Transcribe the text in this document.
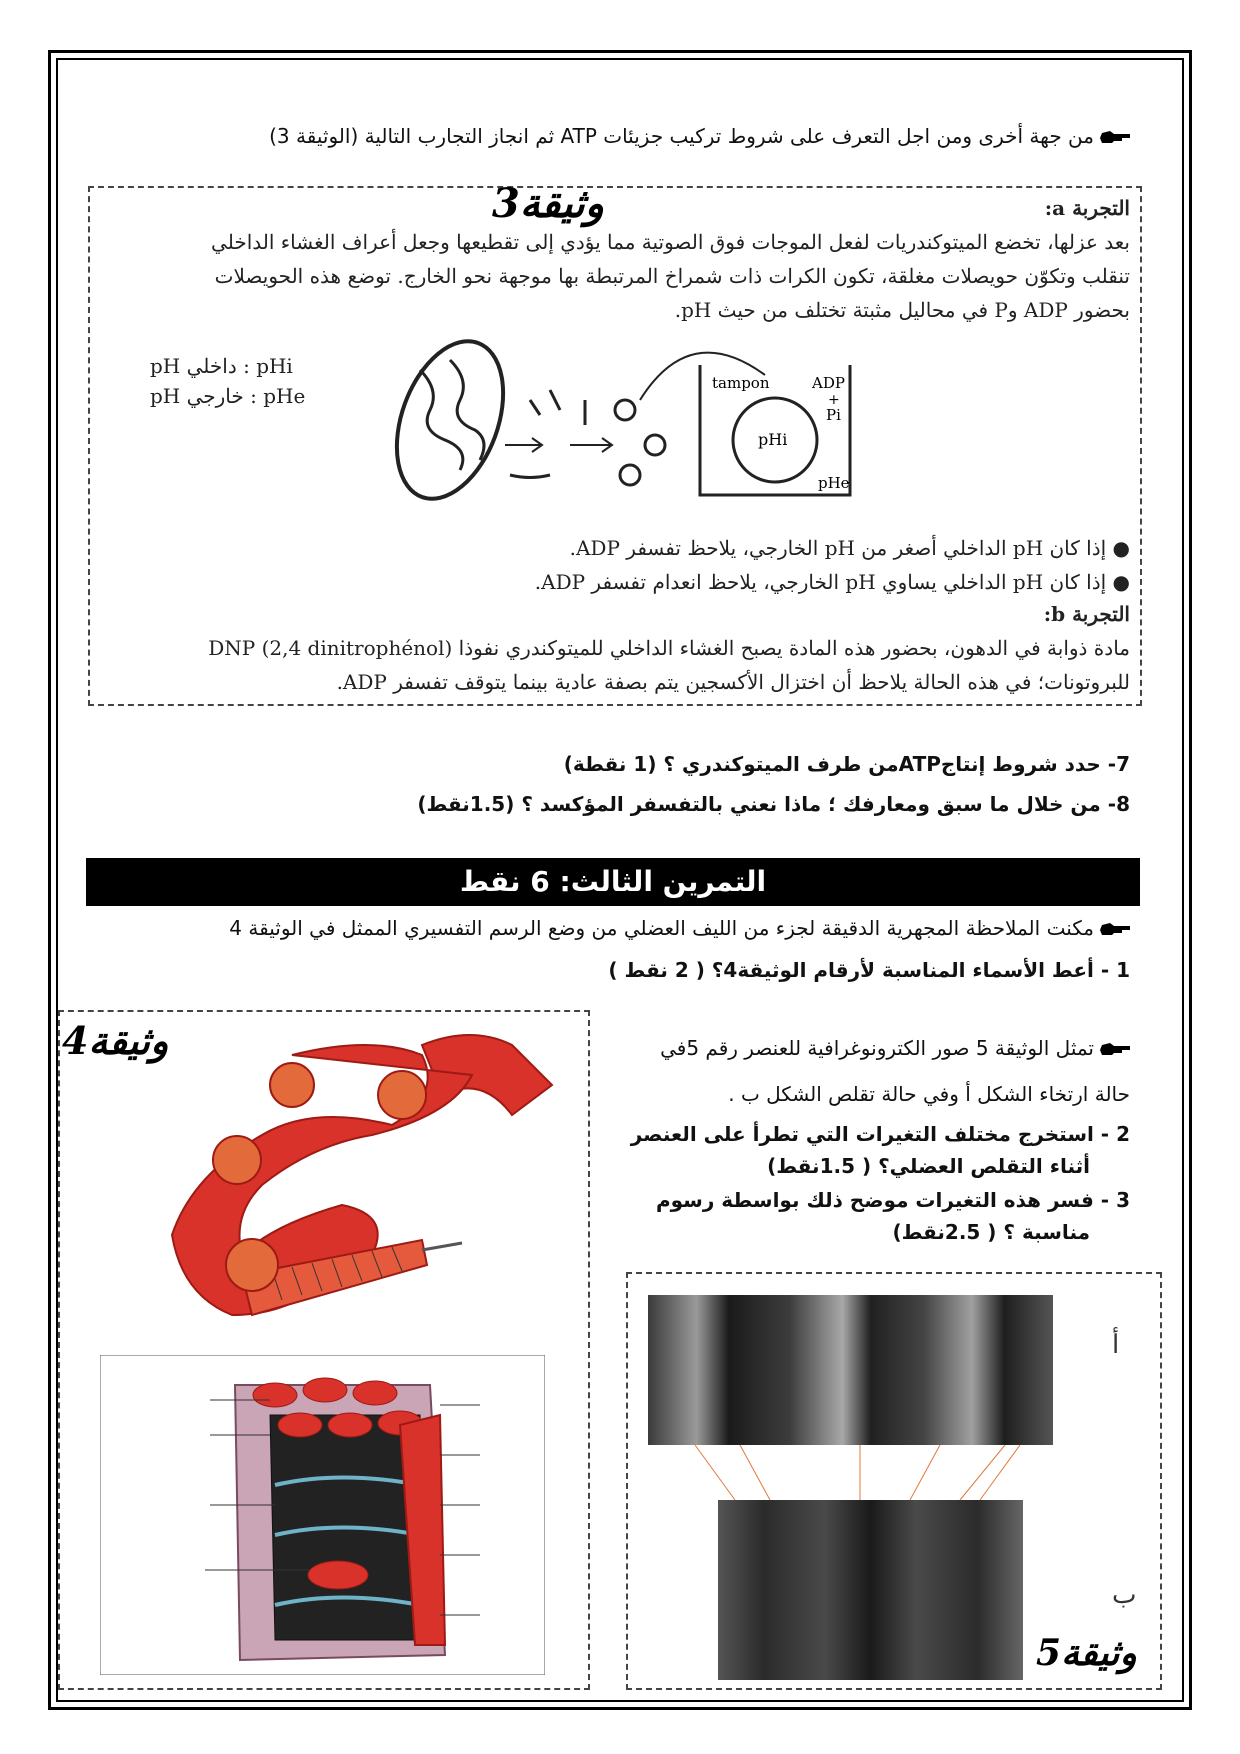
من جهة أخرى ومن اجل التعرف على شروط تركيب جزيئات ATP ثم انجاز التجارب التالية (الوثيقة 3)
وثيقة3	التجربة a:
بعد عزلها، تخضع الميتوكندريات لفعل الموجات فوق الصوتية مما يؤدي إلى تقطيعها وجعل أعراف الغشاء الداخلي
تنقلب وتكوّن حويصلات مغلقة، تكون الكرات ذات شمراخ المرتبطة بها موجهة نحو الخارج. توضع هذه الحويصلات
بحضور ADP وP في محاليل مثبتة تختلف من حيث pH.
pH داخلي : pHi
pH خارجي : pHe
tampon	ADP
+
Pi
pHi
pHe
● إذا كان pH الداخلي أصغر من pH الخارجي، يلاحظ تفسفر ADP.
● إذا كان pH الداخلي يساوي pH الخارجي، يلاحظ انعدام تفسفر ADP.
التجربة b:
DNP (2,4 dinitrophénol) مادة ذوابة في الدهون، بحضور هذه المادة يصبح الغشاء الداخلي للميتوكندري نفوذا
للبروتونات؛ في هذه الحالة يلاحظ أن اختزال الأكسجين يتم بصفة عادية بينما يتوقف تفسفر ADP.
7- حدد شروط إنتاجATPمن طرف الميتوكندري ؟ (1 نقطة)
8- من خلال ما سبق ومعارفك ؛ ماذا نعني بالتفسفر المؤكسد ؟ (1.5نقط)
التمرين الثالث: 6 نقط
مكنت الملاحظة المجهرية الدقيقة لجزء من الليف العضلي من وضع الرسم التفسيري الممثل في الوثيقة 4
1 - أعط الأسماء المناسبة لأرقام الوثيقة4؟ ( 2 نقط )
وثيقة4	تمثل الوثيقة 5 صور الكترونوغرافية للعنصر رقم 5في
حالة ارتخاء الشكل أ وفي حالة تقلص الشكل ب .
2 - استخرج مختلف التغيرات التي تطرأ على العنصر
أثناء التقلص العضلي؟ ( 1.5نقط)
3 - فسر هذه التغيرات موضح ذلك بواسطة رسوم
مناسبة ؟ ( 2.5نقط)
أ
ب
وثيقة5
